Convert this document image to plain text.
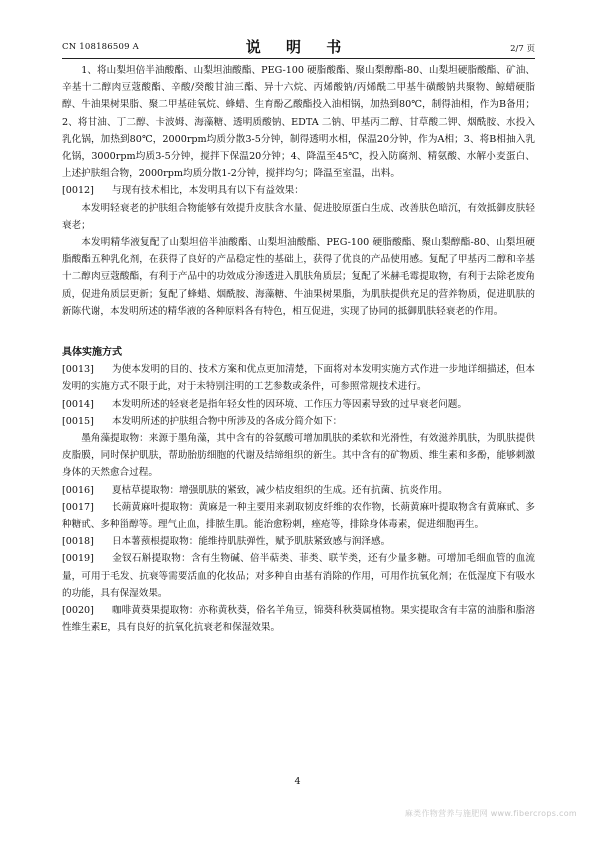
CN 108186509 A	说 明 书	2/7 页

1、将山梨坦倍半油酸酯、山梨坦油酸酯、PEG-100 硬脂酸酯、聚山梨醇酯-80、山梨坦硬脂酸酯、矿油、辛基十二醇肉豆蔻酸酯、辛酸/癸酸甘油三酯、异十六烷、丙烯酸钠/丙烯酰二甲基牛磺酸钠共聚物、鲸蜡硬脂醇、牛油果树果脂、聚二甲基硅氧烷、蜂蜡、生育酚乙酸酯投入油相锅，加热到80℃，制得油相，作为B备用；2、将甘油、丁二醇、卡波姆、海藻糖、透明质酸钠、EDTA 二钠、甲基丙二醇、甘草酸二钾、烟酰胺、水投入乳化锅，加热到80℃，2000rpm均质分散3-5分钟，制得透明水相，保温20分钟，作为A相；3、将B相抽入乳化锅，3000rpm均质3-5分钟，搅拌下保温20分钟；4、降温至45℃，投入防腐剂、精氨酸、水解小麦蛋白、上述护肤组合物，2000rpm均质分散1-2分钟，搅拌均匀；降温至室温，出料。

[0012] 与现有技术相比，本发明具有以下有益效果：

本发明轻衰老的护肤组合物能够有效提升皮肤含水量、促进胶原蛋白生成、改善肤色暗沉，有效抵御皮肤轻衰老；

本发明精华液复配了山梨坦倍半油酸酯、山梨坦油酸酯、PEG-100 硬脂酸酯、聚山梨醇酯-80、山梨坦硬脂酸酯五种乳化剂，在获得了良好的产品稳定性的基础上，获得了优良的产品使用感。复配了甲基丙二醇和辛基十二醇肉豆蔻酸酯，有利于产品中的功效成分渗透进入肌肤角质层；复配了米赫毛霉提取物，有利于去除老废角质，促进角质层更新；复配了蜂蜡、烟酰胺、海藻糖、牛油果树果脂，为肌肤提供充足的营养物质，促进肌肤的新陈代谢，本发明所述的精华液的各种原料各有特色，相互促进，实现了协同的抵御肌肤轻衰老的作用。

具体实施方式

[0013] 为使本发明的目的、技术方案和优点更加清楚，下面将对本发明实施方式作进一步地详细描述，但本发明的实施方式不限于此，对于未特别注明的工艺参数或条件，可参照常规技术进行。

[0014] 本发明所述的轻衰老是指年轻女性的因环境、工作压力等因素导致的过早衰老问题。

[0015] 本发明所述的护肤组合物中所涉及的各成分简介如下：

墨角藻提取物：来源于墨角藻，其中含有的谷氨酸可增加肌肤的柔软和光滑性，有效滋养肌肤，为肌肤提供皮脂膜，同时保护肌肤，帮助胎肪细胞的代谢及结缔组织的新生。其中含有的矿物质、维生素和多酚，能够刺激身体的天然愈合过程。

[0016] 夏枯草提取物：增强肌肤的紧致，减少桔皮组织的生成。还有抗菌、抗炎作用。

[0017] 长蒴黄麻叶提取物：黄麻是一种主要用来剥取韧皮纤维的农作物，长蒴黄麻叶提取物含有黄麻甙、多种糖甙、多种甾醇等。理气止血，排脓生肌。能治愈粉刺，痤疮等，排除身体毒素，促进细胞再生。

[0018] 日本薯蓣根提取物：能维持肌肤弹性，赋予肌肤紧致感与润泽感。

[0019] 金钗石斛提取物：含有生物碱、倍半萜类、菲类、联苄类，还有少量多糖。可增加毛细血管的血流量，可用于毛发、抗衰等需要活血的化妆品；对多种自由基有消除的作用，可用作抗氧化剂；在低湿度下有吸水的功能，具有保湿效果。

[0020] 咖啡黄葵果提取物：亦称黄秋葵，俗名羊角豆，锦葵科秋葵属植物。果实提取含有丰富的油脂和脂溶性维生素E，具有良好的抗氧化抗衰老和保湿效果。

4
麻类作物营养与施肥网 www.fibercrops.com
